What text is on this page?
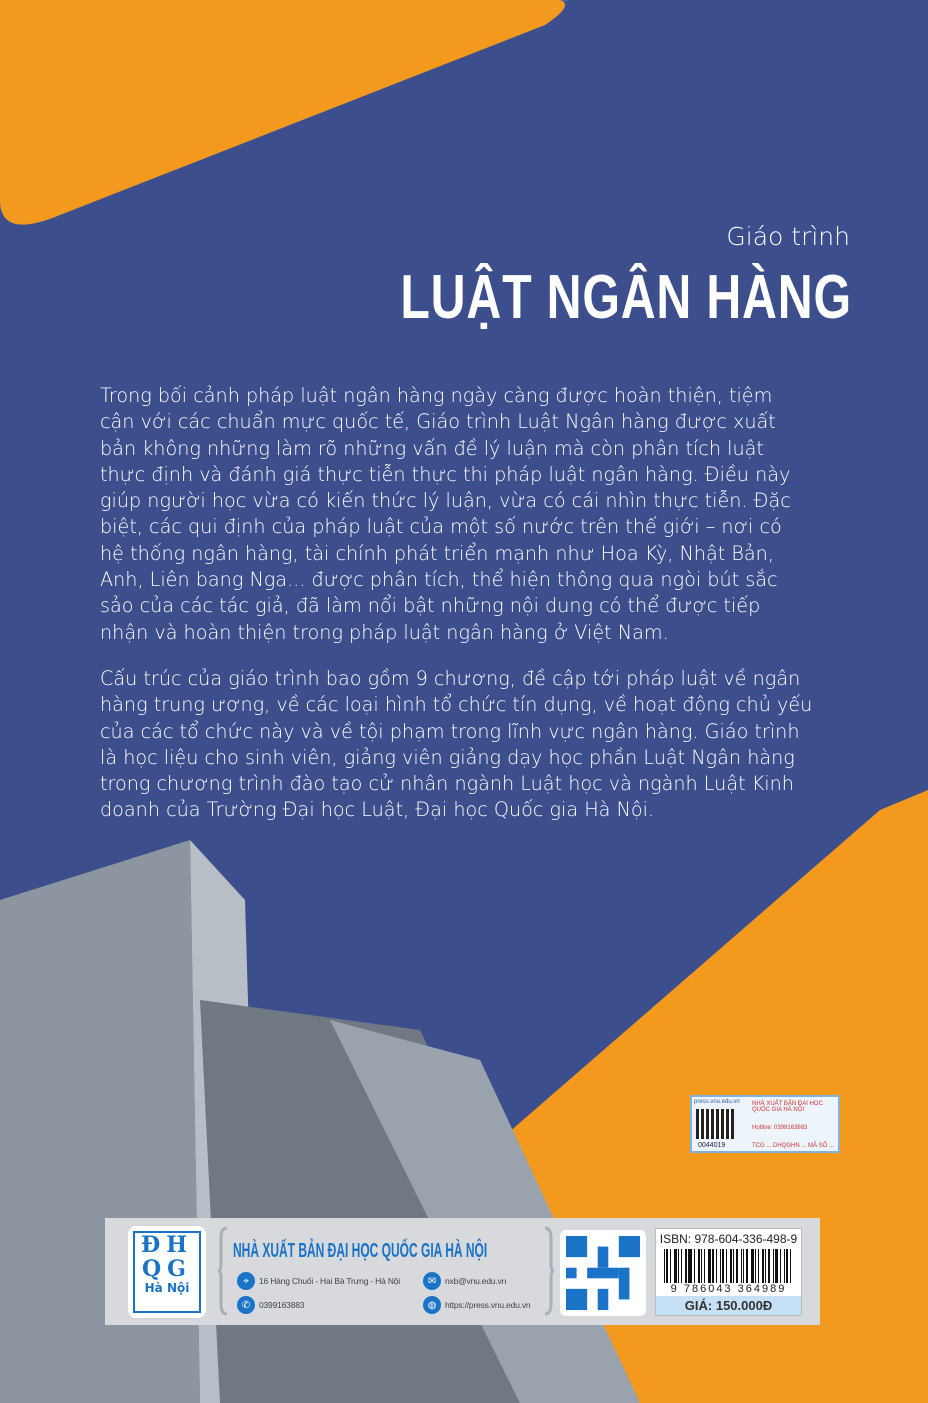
Giáo trình
LUẬT NGÂN HÀNG
Trong bối cảnh pháp luật ngân hàng ngày càng được hoàn thiện, tiệm
cận với các chuẩn mực quốc tế, Giáo trình Luật Ngân hàng được xuất
bản không những làm rõ những vấn đề lý luận mà còn phân tích luật
thực định và đánh giá thực tiễn thực thi pháp luật ngân hàng. Điều này
giúp người học vừa có kiến thức lý luận, vừa có cái nhìn thực tiễn. Đặc
biệt, các qui định của pháp luật của một số nước trên thế giới – nơi có
hệ thống ngân hàng, tài chính phát triển mạnh như Hoa Kỳ, Nhật Bản,
Anh, Liên bang Nga... được phân tích, thể hiện thông qua ngòi bút sắc
sảo của các tác giả, đã làm nổi bật những nội dung có thể được tiếp
nhận và hoàn thiện trong pháp luật ngân hàng ở Việt Nam.
Cấu trúc của giáo trình bao gồm 9 chương, đề cập tới pháp luật về ngân
hàng trung ương, về các loại hình tổ chức tín dụng, về hoạt động chủ yếu
của các tổ chức này và về tội phạm trong lĩnh vực ngân hàng. Giáo trình
là học liệu cho sinh viên, giảng viên giảng dạy học phần Luật Ngân hàng
trong chương trình đào tạo cử nhân ngành Luật học và ngành Luật Kinh
doanh của Trường Đại học Luật, Đại học Quốc gia Hà Nội.
press.vnu.edu.vn	NHÀ XUẤT BẢN ĐẠI HỌC QUỐC GIA HÀ NỘI
Hotline: 0399163883
0044019	TCG ... DHQGHN ... MÃ SỐ ...
ĐH
QG
Hà Nội
NHÀ XUẤT BẢN ĐẠI HỌC QUỐC GIA HÀ NỘI
⌖	16 Hàng Chuối - Hai Bà Trưng - Hà Nội
✆	0399163883
✉	nxb@vnu.edu.vn
◍	https://press.vnu.edu.vn
ISBN: 978-604-336-498-9
9 786043 364989
GIÁ: 150.000Đ
